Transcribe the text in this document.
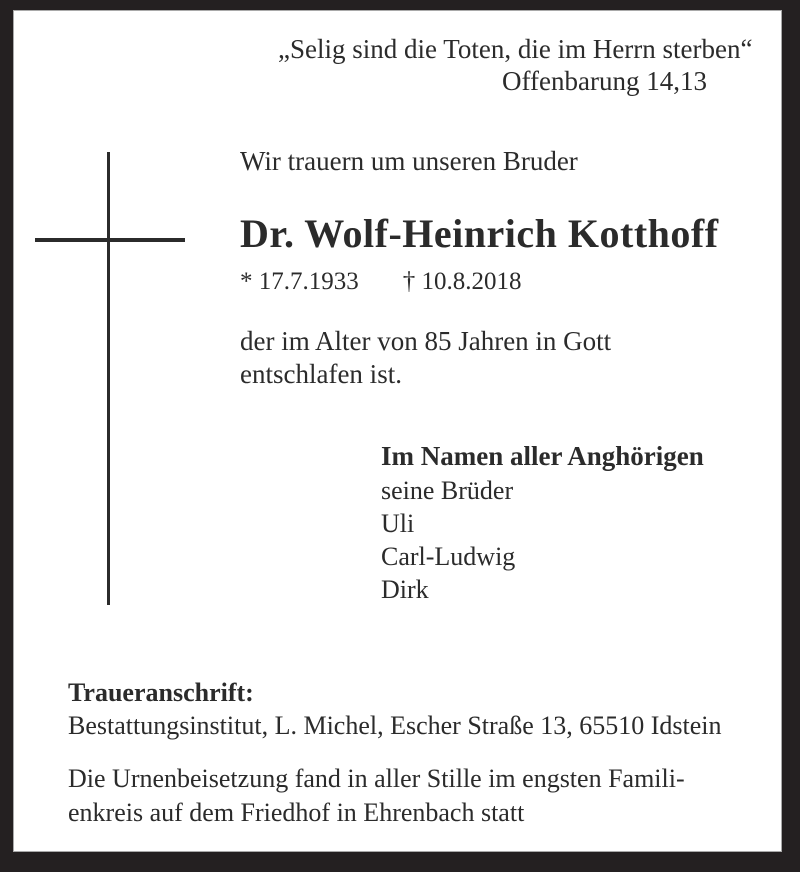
„Selig sind die Toten, die im Herrn sterben“
Offenbarung 14,13
Wir trauern um unseren Bruder
Dr. Wolf-Heinrich Kotthoff
* 17.7.1933 † 10.8.2018
der im Alter von 85 Jahren in Gott
entschlafen ist.
Im Namen aller Anghörigen
seine Brüder
Uli
Carl-Ludwig
Dirk
Traueranschrift:
Bestattungsinstitut, L. Michel, Escher Straße 13, 65510 Idstein
Die Urnenbeisetzung fand in aller Stille im engsten Famili-
enkreis auf dem Friedhof in Ehrenbach statt
